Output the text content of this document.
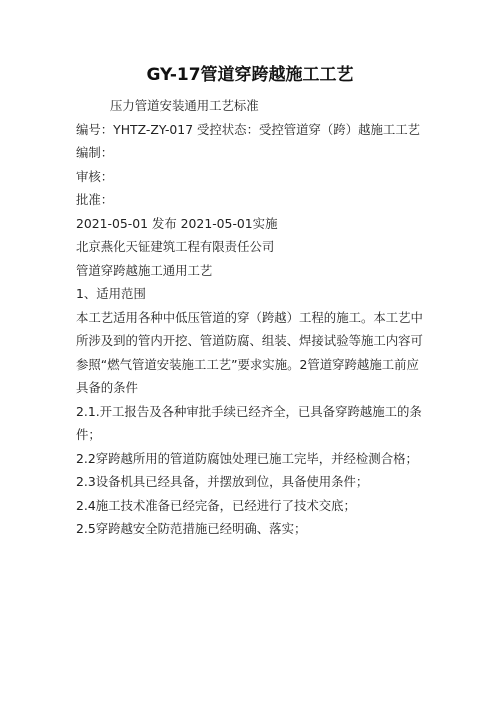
GY-17管道穿跨越施工工艺

压力管道安装通用工艺标准

编号：YHTZ-ZY-017 受控状态：受控管道穿（跨）越施工工艺

编制：

审核：

批准：

2021-05-01 发布 2021-05-01实施

北京燕化天钲建筑工程有限责任公司

管道穿跨越施工通用工艺

1、适用范围

本工艺适用各种中低压管道的穿（跨越）工程的施工。本工艺中所涉及到的管内开挖、管道防腐、组装、焊接试验等施工内容可参照“燃气管道安装施工工艺”要求实施。2管道穿跨越施工前应具备的条件

2.1.开工报告及各种审批手续已经齐全，已具备穿跨越施工的条件；

2.2穿跨越所用的管道防腐蚀处理已施工完毕，并经检测合格；

2.3设备机具已经具备，并摆放到位，具备使用条件；

2.4施工技术准备已经完备，已经进行了技术交底；

2.5穿跨越安全防范措施已经明确、落实；
